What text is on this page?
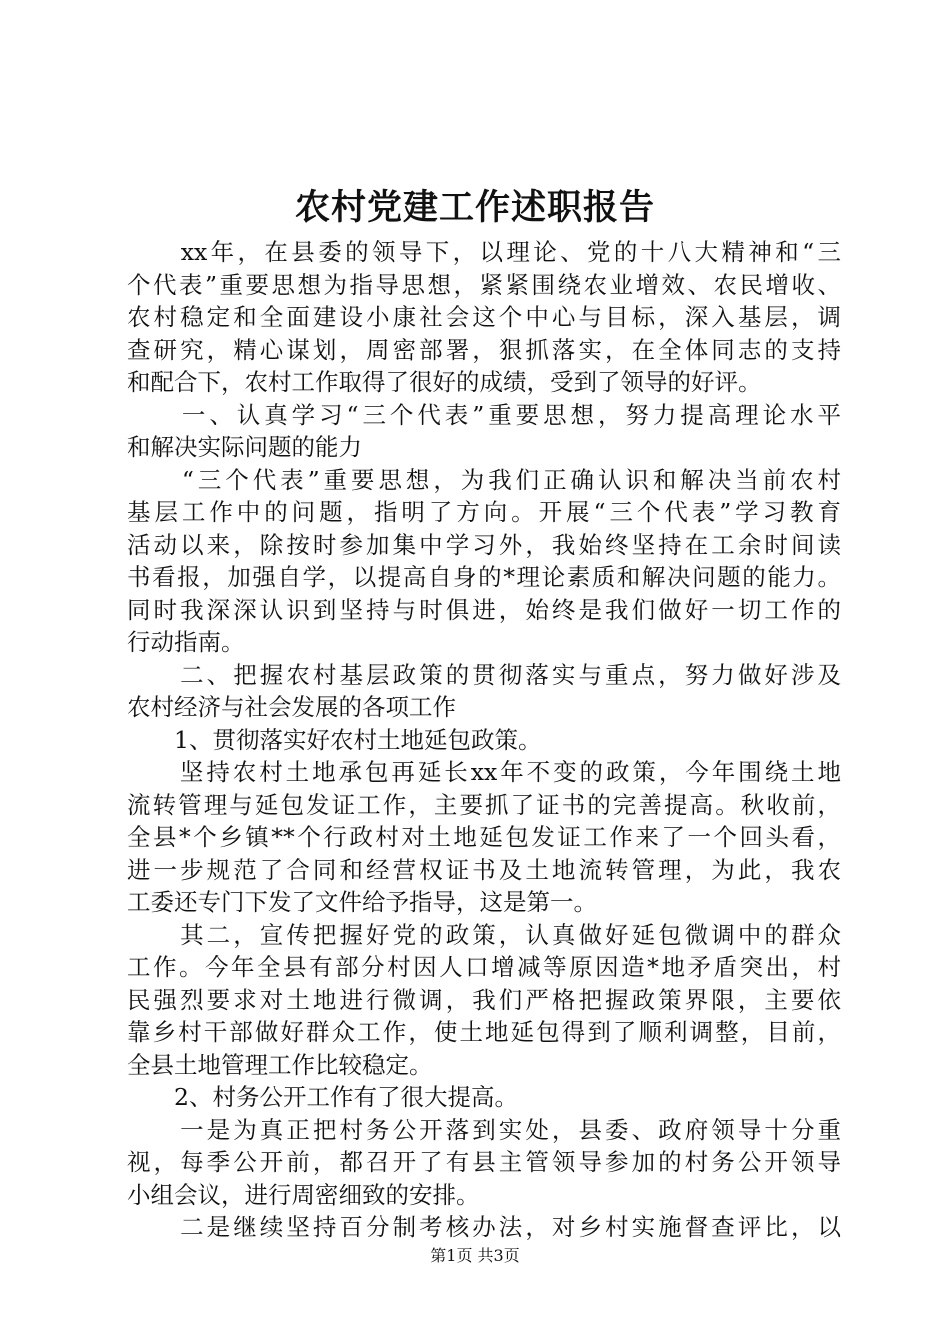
农村党建工作述职报告
　　xx年，在县委的领导下，以理论、党的十八大精神和“三
个代表”重要思想为指导思想，紧紧围绕农业增效、农民增收、
农村稳定和全面建设小康社会这个中心与目标，深入基层，调
查研究，精心谋划，周密部署，狠抓落实，在全体同志的支持
和配合下，农村工作取得了很好的成绩，受到了领导的好评。
　　一、认真学习“三个代表”重要思想，努力提高理论水平
和解决实际问题的能力
　　“三个代表”重要思想，为我们正确认识和解决当前农村
基层工作中的问题，指明了方向。开展“三个代表”学习教育
活动以来，除按时参加集中学习外，我始终坚持在工余时间读
书看报，加强自学，以提高自身的*理论素质和解决问题的能力。
同时我深深认识到坚持与时俱进，始终是我们做好一切工作的
行动指南。
　　二、把握农村基层政策的贯彻落实与重点，努力做好涉及
农村经济与社会发展的各项工作
　　1、贯彻落实好农村土地延包政策。
　　坚持农村土地承包再延长xx年不变的政策，今年围绕土地
流转管理与延包发证工作，主要抓了证书的完善提高。秋收前，
全县*个乡镇**个行政村对土地延包发证工作来了一个回头看，
进一步规范了合同和经营权证书及土地流转管理，为此，我农
工委还专门下发了文件给予指导，这是第一。
　　其二，宣传把握好党的政策，认真做好延包微调中的群众
工作。今年全县有部分村因人口增减等原因造*地矛盾突出，村
民强烈要求对土地进行微调，我们严格把握政策界限，主要依
靠乡村干部做好群众工作，使土地延包得到了顺利调整，目前，
全县土地管理工作比较稳定。
　　2、村务公开工作有了很大提高。
　　一是为真正把村务公开落到实处，县委、政府领导十分重
视，每季公开前，都召开了有县主管领导参加的村务公开领导
小组会议，进行周密细致的安排。
　　二是继续坚持百分制考核办法，对乡村实施督查评比，以
第1页 共3页
